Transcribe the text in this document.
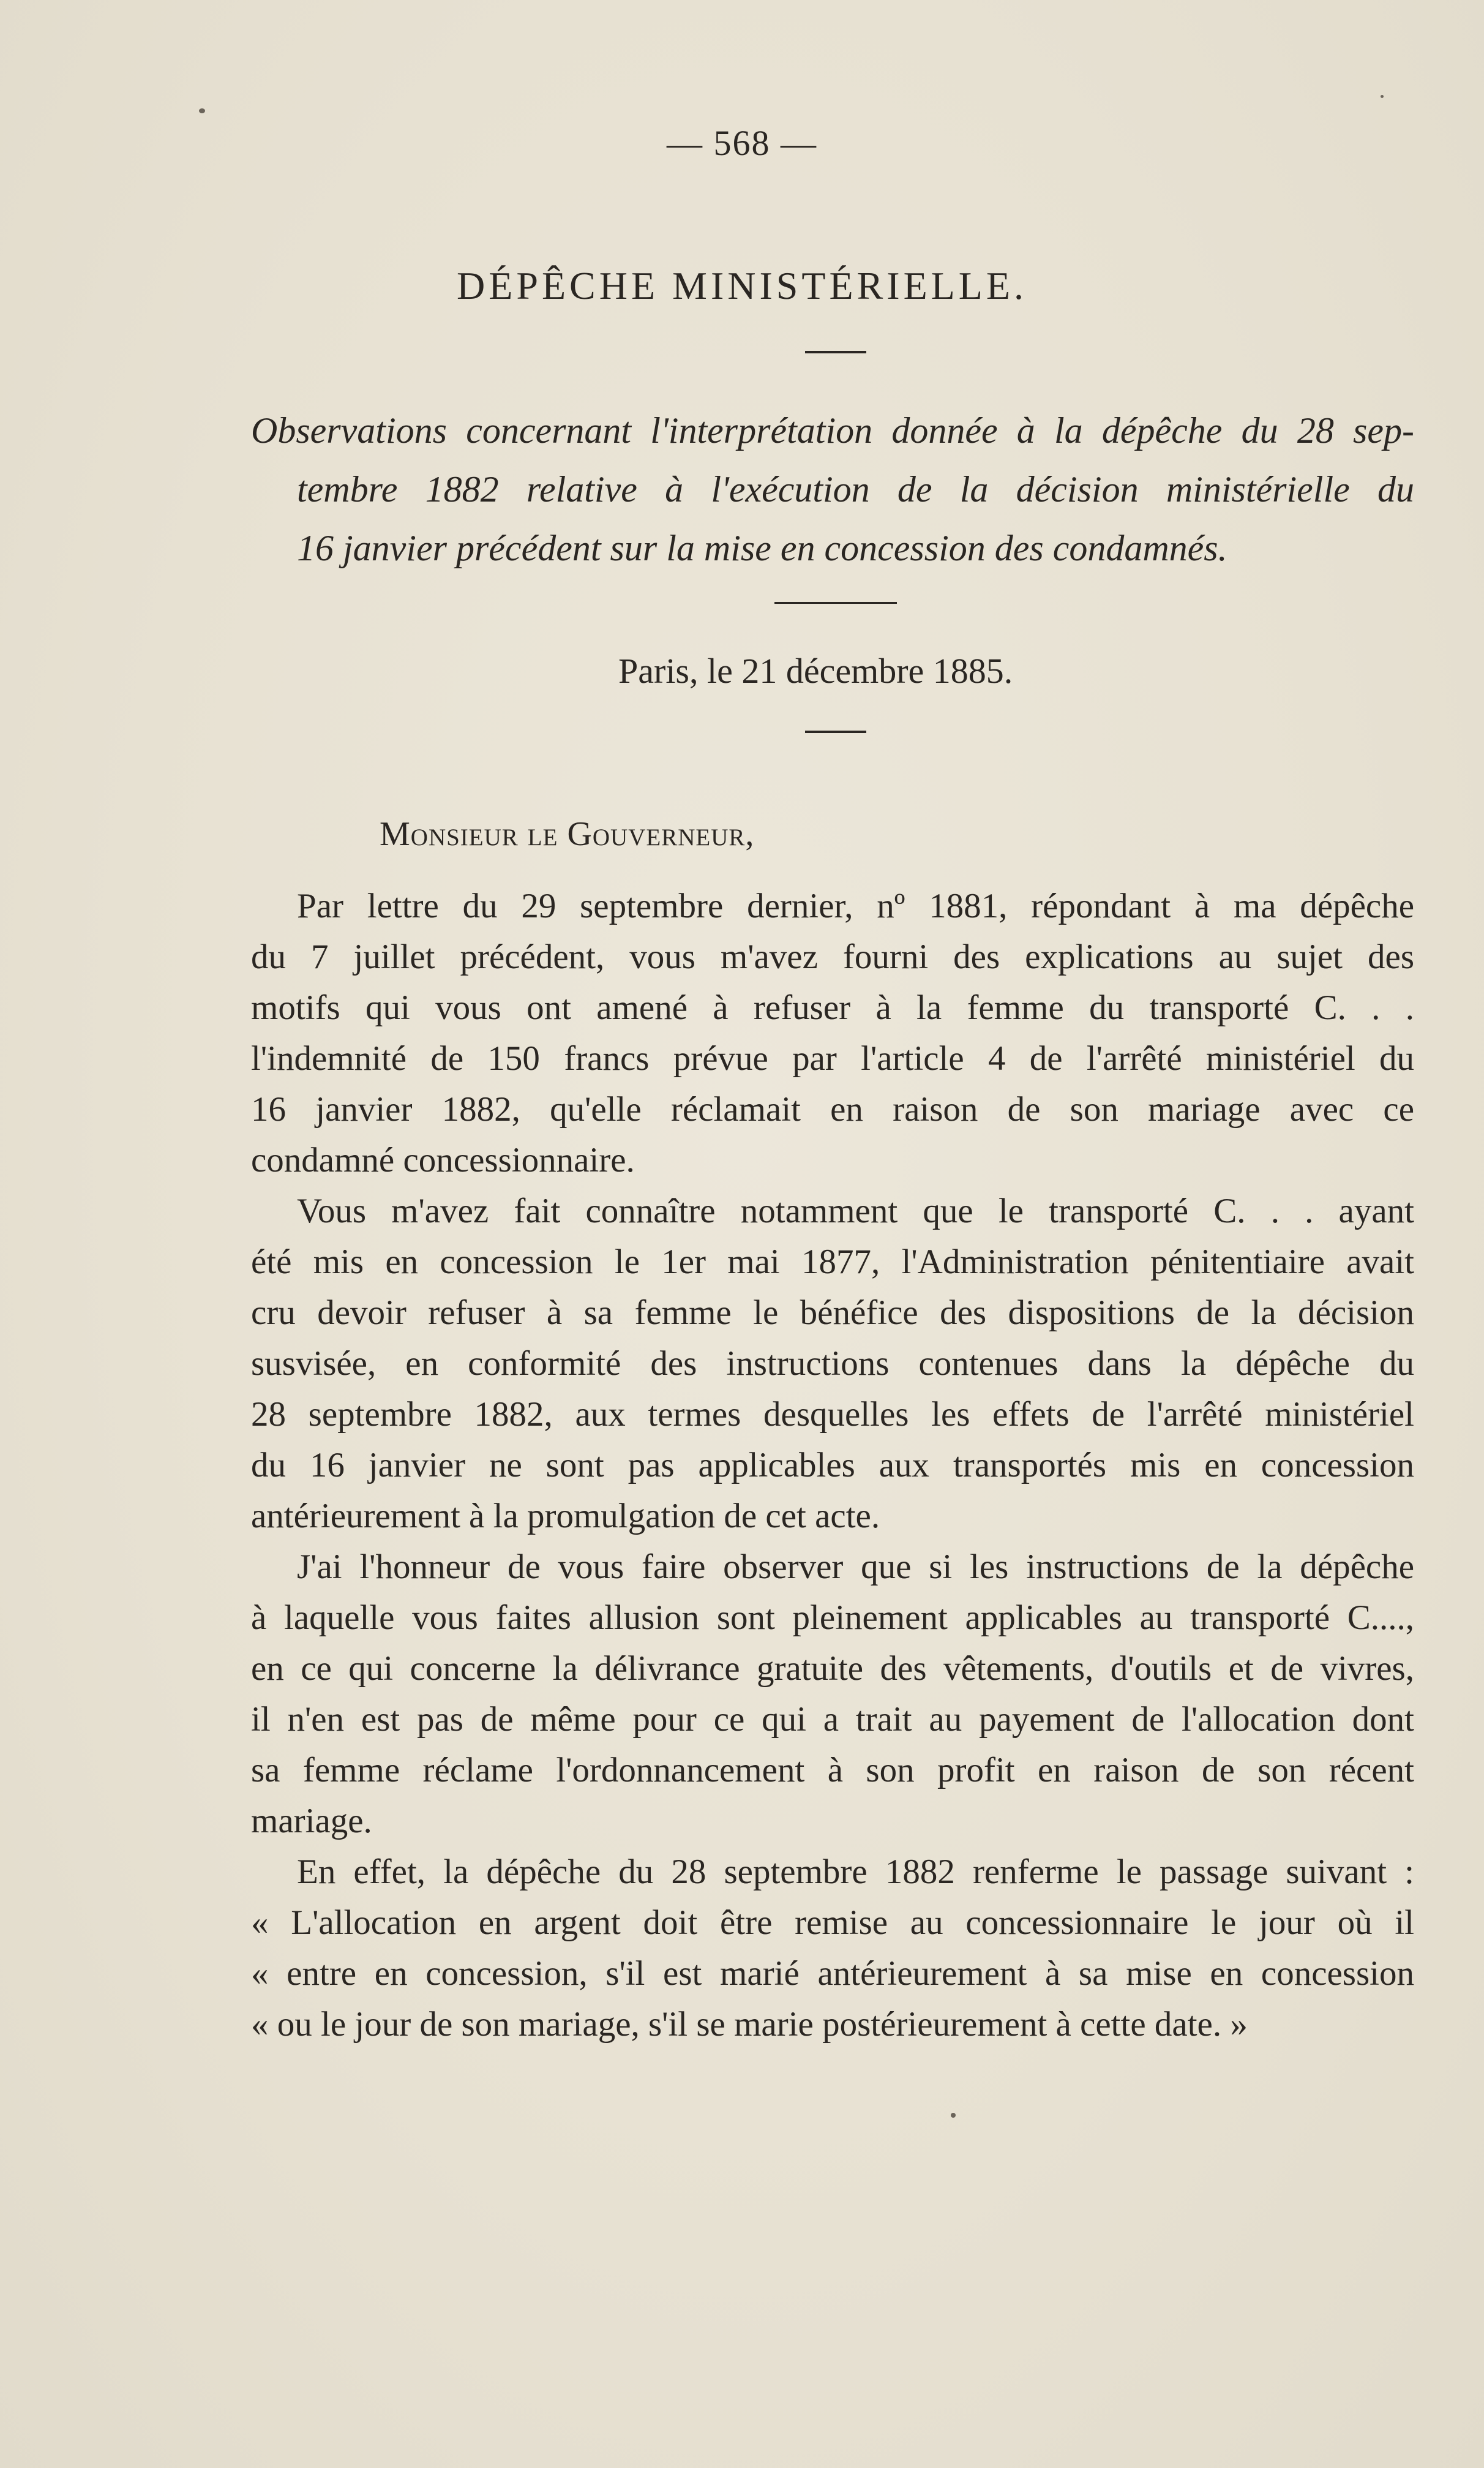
— 568 —
DÉPÊCHE MINISTÉRIELLE.
Observations concernant l'interprétation donnée à la dépêche du 28 sep-
tembre 1882 relative à l'exécution de la décision ministérielle du
16 janvier précédent sur la mise en concession des condamnés.
Paris, le 21 décembre 1885.
Monsieur le Gouverneur,

Par lettre du 29 septembre dernier, nº 1881, répondant à ma dépêche
du 7 juillet précédent, vous m'avez fourni des explications au sujet des
motifs qui vous ont amené à refuser à la femme du transporté C. . .
l'indemnité de 150 francs prévue par l'article 4 de l'arrêté ministériel du
16 janvier 1882, qu'elle réclamait en raison de son mariage avec ce
condamné concessionnaire.

Vous m'avez fait connaître notamment que le transporté C. . . ayant
été mis en concession le 1er mai 1877, l'Administration pénitentiaire avait
cru devoir refuser à sa femme le bénéfice des dispositions de la décision
susvisée, en conformité des instructions contenues dans la dépêche du
28 septembre 1882, aux termes desquelles les effets de l'arrêté ministériel
du 16 janvier ne sont pas applicables aux transportés mis en concession
antérieurement à la promulgation de cet acte.

J'ai l'honneur de vous faire observer que si les instructions de la dépêche
à laquelle vous faites allusion sont pleinement applicables au transporté C....,
en ce qui concerne la délivrance gratuite des vêtements, d'outils et de vivres,
il n'en est pas de même pour ce qui a trait au payement de l'allocation dont
sa femme réclame l'ordonnancement à son profit en raison de son récent
mariage.

En effet, la dépêche du 28 septembre 1882 renferme le passage suivant :
« L'allocation en argent doit être remise au concessionnaire le jour où il
« entre en concession, s'il est marié antérieurement à sa mise en concession
« ou le jour de son mariage, s'il se marie postérieurement à cette date. »
